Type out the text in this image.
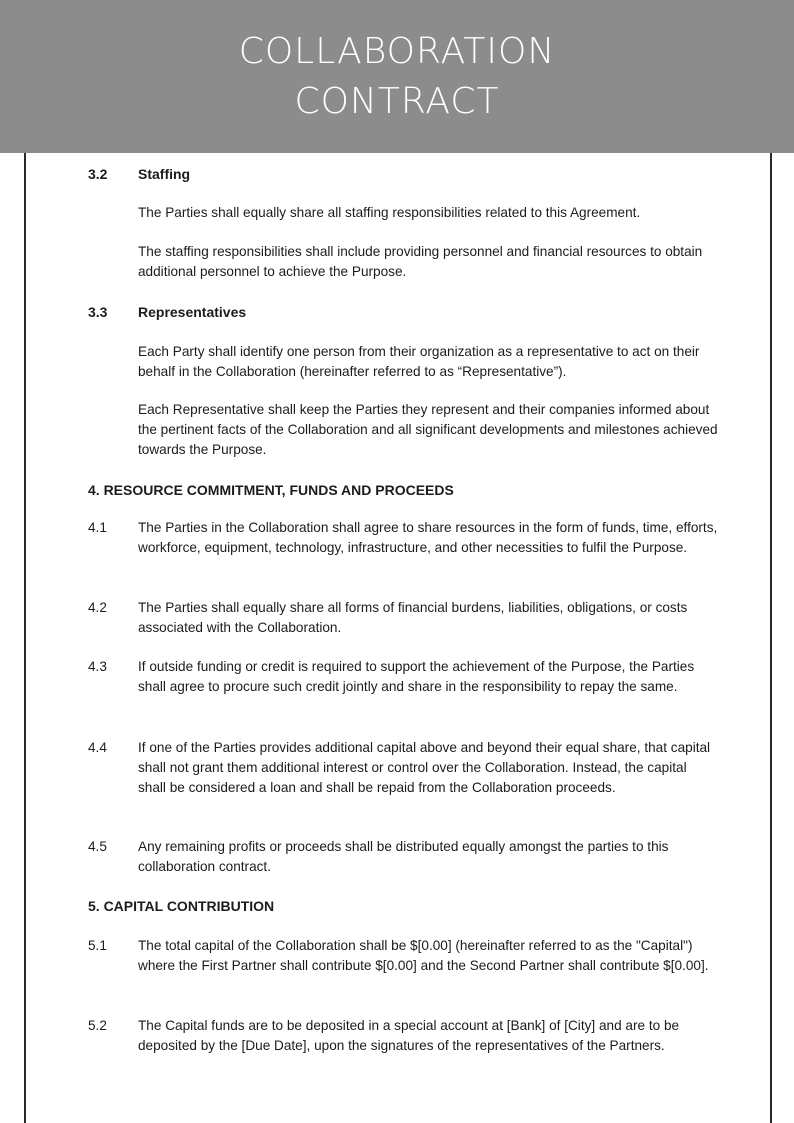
COLLABORATION
CONTRACT
3.2 Staffing
The Parties shall equally share all staffing responsibilities related to this Agreement.
The staffing responsibilities shall include providing personnel and financial resources to obtain additional personnel to achieve the Purpose.
3.3 Representatives
Each Party shall identify one person from their organization as a representative to act on their behalf in the Collaboration (hereinafter referred to as “Representative”).
Each Representative shall keep the Parties they represent and their companies informed about the pertinent facts of the Collaboration and all significant developments and milestones achieved towards the Purpose.
4. RESOURCE COMMITMENT, FUNDS AND PROCEEDS
4.1 The Parties in the Collaboration shall agree to share resources in the form of funds, time, efforts, workforce, equipment, technology, infrastructure, and other necessities to fulfil the Purpose.
4.2 The Parties shall equally share all forms of financial burdens, liabilities, obligations, or costs associated with the Collaboration.
4.3 If outside funding or credit is required to support the achievement of the Purpose, the Parties shall agree to procure such credit jointly and share in the responsibility to repay the same.
4.4 If one of the Parties provides additional capital above and beyond their equal share, that capital shall not grant them additional interest or control over the Collaboration. Instead, the capital shall be considered a loan and shall be repaid from the Collaboration proceeds.
4.5 Any remaining profits or proceeds shall be distributed equally amongst the parties to this collaboration contract.
5. CAPITAL CONTRIBUTION
5.1 The total capital of the Collaboration shall be $[0.00] (hereinafter referred to as the "Capital") where the First Partner shall contribute $[0.00] and the Second Partner shall contribute $[0.00].
5.2 The Capital funds are to be deposited in a special account at [Bank] of [City] and are to be deposited by the [Due Date], upon the signatures of the representatives of the Partners.
